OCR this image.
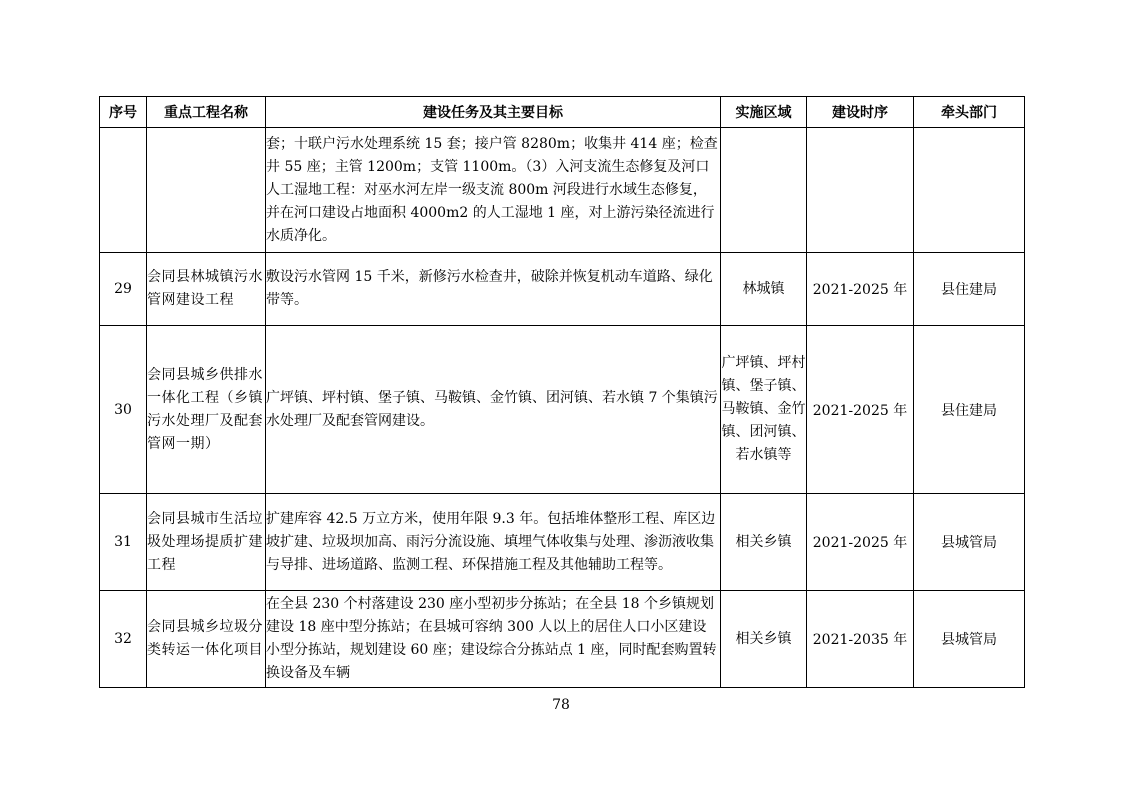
序号	重点工程名称	建设任务及其主要目标	实施区域	建设时序	牵头部门
		套；十联户污水处理系统 15 套；接户管 8280m；收集井 414 座；检查井 55 座；主管 1200m；支管 1100m。（3）入河支流生态修复及河口人工湿地工程：对巫水河左岸一级支流 800m 河段进行水域生态修复，并在河口建设占地面积 4000m2 的人工湿地 1 座，对上游污染径流进行水质净化。			
29	会同县林城镇污水管网建设工程	敷设污水管网 15 千米，新修污水检查井，破除并恢复机动车道路、绿化带等。	林城镇	2021-2025 年	县住建局
30	会同县城乡供排水一体化工程（乡镇污水处理厂及配套管网一期）	广坪镇、坪村镇、堡子镇、马鞍镇、金竹镇、团河镇、若水镇 7 个集镇污水处理厂及配套管网建设。	广坪镇、坪村镇、堡子镇、马鞍镇、金竹镇、团河镇、若水镇等	2021-2025 年	县住建局
31	会同县城市生活垃圾处理场提质扩建工程	扩建库容 42.5 万立方米，使用年限 9.3 年。包括堆体整形工程、库区边坡扩建、垃圾坝加高、雨污分流设施、填埋气体收集与处理、渗沥液收集与导排、进场道路、监测工程、环保措施工程及其他辅助工程等。	相关乡镇	2021-2025 年	县城管局
32	会同县城乡垃圾分类转运一体化项目	在全县 230 个村落建设 230 座小型初步分拣站；在全县 18 个乡镇规划建设 18 座中型分拣站；在县城可容纳 300 人以上的居住人口小区建设小型分拣站，规划建设 60 座；建设综合分拣站点 1 座，同时配套购置转换设备及车辆	相关乡镇	2021-2035 年	县城管局
78
